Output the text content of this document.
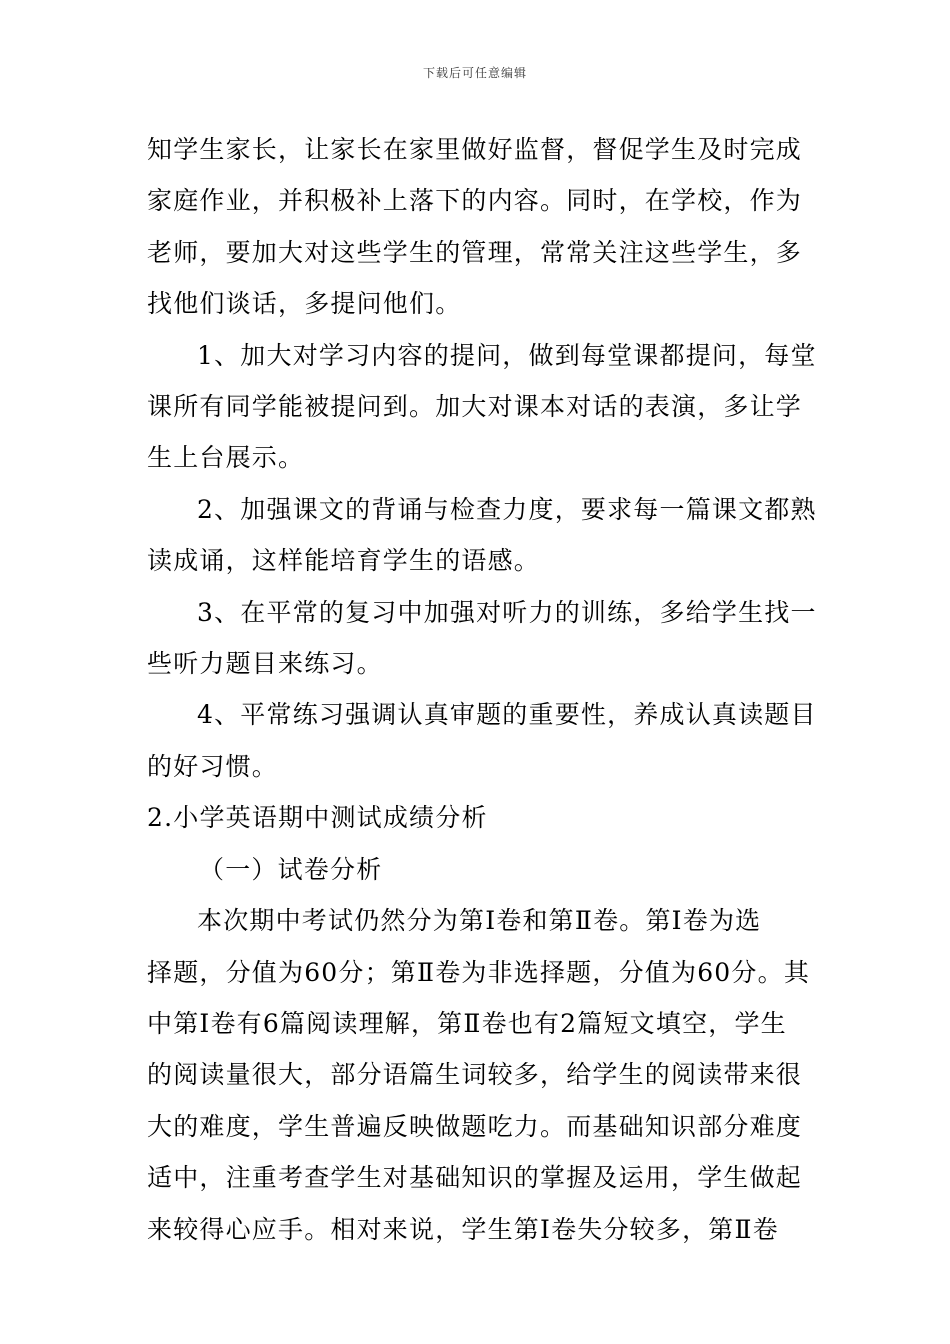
下载后可任意编辑

知学生家长，让家长在家里做好监督，督促学生及时完成

家庭作业，并积极补上落下的内容。同时，在学校，作为

老师，要加大对这些学生的管理，常常关注这些学生，多

找他们谈话，多提问他们。

1、加大对学习内容的提问，做到每堂课都提问，每堂

课所有同学能被提问到。加大对课本对话的表演，多让学

生上台展示。

2、加强课文的背诵与检查力度，要求每一篇课文都熟

读成诵，这样能培育学生的语感。

3、在平常的复习中加强对听力的训练，多给学生找一

些听力题目来练习。

4、平常练习强调认真审题的重要性，养成认真读题目

的好习惯。

2.小学英语期中测试成绩分析

（一）试卷分析

本次期中考试仍然分为第Ⅰ卷和第Ⅱ卷。第Ⅰ卷为选

择题，分值为60分；第Ⅱ卷为非选择题，分值为60分。其

中第Ⅰ卷有6篇阅读理解，第Ⅱ卷也有2篇短文填空，学生

的阅读量很大，部分语篇生词较多，给学生的阅读带来很

大的难度，学生普遍反映做题吃力。而基础知识部分难度

适中，注重考查学生对基础知识的掌握及运用，学生做起

来较得心应手。相对来说，学生第Ⅰ卷失分较多，第Ⅱ卷
